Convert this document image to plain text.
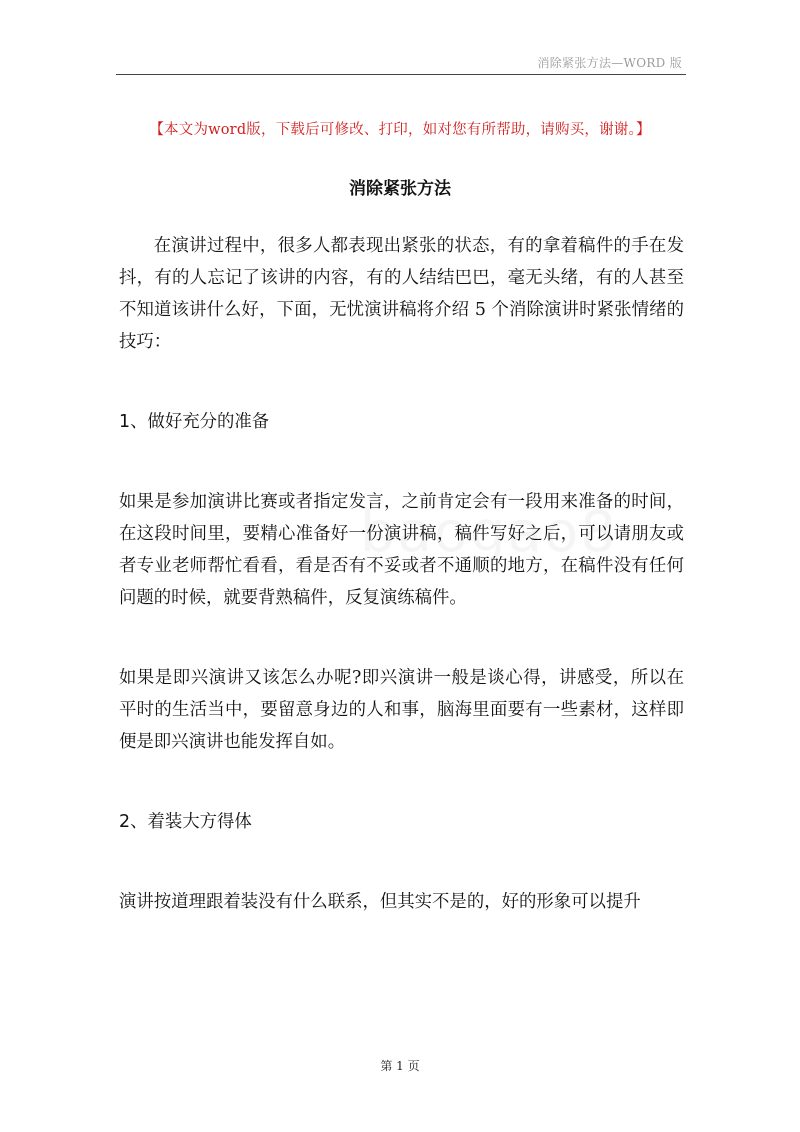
消除紧张方法—WORD 版
【本文为word版，下载后可修改、打印，如对您有所帮助，请购买，谢谢。】
消除紧张方法

在演讲过程中，很多人都表现出紧张的状态，有的拿着稿件的手在发抖，有的人忘记了该讲的内容，有的人结结巴巴，毫无头绪，有的人甚至不知道该讲什么好，下面，无忧演讲稿将介绍 5 个消除演讲时紧张情绪的技巧：

1、做好充分的准备

如果是参加演讲比赛或者指定发言，之前肯定会有一段用来准备的时间，在这段时间里，要精心准备好一份演讲稿，稿件写好之后，可以请朋友或者专业老师帮忙看看，看是否有不妥或者不通顺的地方，在稿件没有任何问题的时候，就要背熟稿件，反复演练稿件。

如果是即兴演讲又该怎么办呢?即兴演讲一般是谈心得，讲感受，所以在平时的生活当中，要留意身边的人和事，脑海里面要有一些素材，这样即便是即兴演讲也能发挥自如。

2、着装大方得体

演讲按道理跟着装没有什么联系，但其实不是的，好的形象可以提升

第 1 页
